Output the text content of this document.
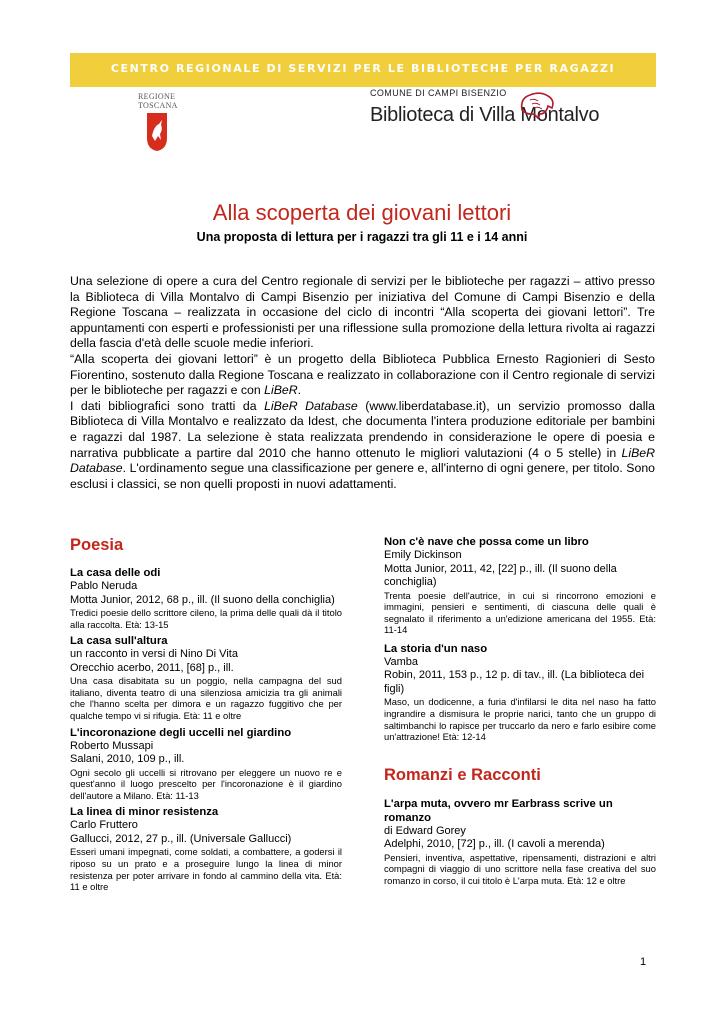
CENTRO REGIONALE DI SERVIZI PER LE BIBLIOTECHE PER RAGAZZI
REGIONE
TOSCANA
COMUNE DI CAMPI BISENZIO
Biblioteca di Villa Montalvo
Alla scoperta dei giovani lettori
Una proposta di lettura per i ragazzi tra gli 11 e i 14 anni

Una selezione di opere a cura del Centro regionale di servizi per le biblioteche per ragazzi – attivo presso la Biblioteca di Villa Montalvo di Campi Bisenzio per iniziativa del Comune di Campi Bisenzio e della Regione Toscana – realizzata in occasione del ciclo di incontri “Alla scoperta dei giovani lettori”. Tre appuntamenti con esperti e professionisti per una riflessione sulla promozione della lettura rivolta ai ragazzi della fascia d'età delle scuole medie inferiori.

“Alla scoperta dei giovani lettori” è un progetto della Biblioteca Pubblica Ernesto Ragionieri di Sesto Fiorentino, sostenuto dalla Regione Toscana e realizzato in collaborazione con il Centro regionale di servizi per le biblioteche per ragazzi e con LiBeR.

I dati bibliografici sono tratti da LiBeR Database (www.liberdatabase.it), un servizio promosso dalla Biblioteca di Villa Montalvo e realizzato da Idest, che documenta l'intera produzione editoriale per bambini e ragazzi dal 1987. La selezione è stata realizzata prendendo in considerazione le opere di poesia e narrativa pubblicate a partire dal 2010 che hanno ottenuto le migliori valutazioni (4 o 5 stelle) in LiBeR Database. L'ordinamento segue una classificazione per genere e, all'interno di ogni genere, per titolo. Sono esclusi i classici, se non quelli proposti in nuovi adattamenti.

Poesia
La casa delle odi
Pablo Neruda
Motta Junior, 2012, 68 p., ill. (Il suono della conchiglia)
Tredici poesie dello scrittore cileno, la prima delle quali dà il titolo alla raccolta. Età: 13-15
La casa sull'altura
un racconto in versi di Nino Di Vita
Orecchio acerbo, 2011, [68] p., ill.
Una casa disabitata su un poggio, nella campagna del sud italiano, diventa teatro di una silenziosa amicizia tra gli animali che l'hanno scelta per dimora e un ragazzo fuggitivo che per qualche tempo vi si rifugia. Età: 11 e oltre
L'incoronazione degli uccelli nel giardino
Roberto Mussapi
Salani, 2010, 109 p., ill.
Ogni secolo gli uccelli si ritrovano per eleggere un nuovo re e quest'anno il luogo prescelto per l'incoronazione è il giardino dell'autore a Milano. Età: 11-13
La linea di minor resistenza
Carlo Fruttero
Gallucci, 2012, 27 p., ill. (Universale Gallucci)
Esseri umani impegnati, come soldati, a combattere, a godersi il riposo su un prato e a proseguire lungo la linea di minor resistenza per poter arrivare in fondo al cammino della vita. Età: 11 e oltre
Non c'è nave che possa come un libro
Emily Dickinson
Motta Junior, 2011, 42, [22] p., ill. (Il suono della conchiglia)
Trenta poesie dell'autrice, in cui si rincorrono emozioni e immagini, pensieri e sentimenti, di ciascuna delle quali è segnalato il riferimento a un'edizione americana del 1955. Età: 11-14
La storia d'un naso
Vamba
Robin, 2011, 153 p., 12 p. di tav., ill. (La biblioteca dei figli)
Maso, un dodicenne, a furia d'infilarsi le dita nel naso ha fatto ingrandire a dismisura le proprie narici, tanto che un gruppo di saltimbanchi lo rapisce per truccarlo da nero e farlo esibire come un'attrazione! Età: 12-14
Romanzi e Racconti
L'arpa muta, ovvero mr Earbrass scrive un romanzo
di Edward Gorey
Adelphi, 2010, [72] p., ill. (I cavoli a merenda)
Pensieri, inventiva, aspettative, ripensamenti, distrazioni e altri compagni di viaggio di uno scrittore nella fase creativa del suo romanzo in corso, il cui titolo è L'arpa muta. Età: 12 e oltre
1
